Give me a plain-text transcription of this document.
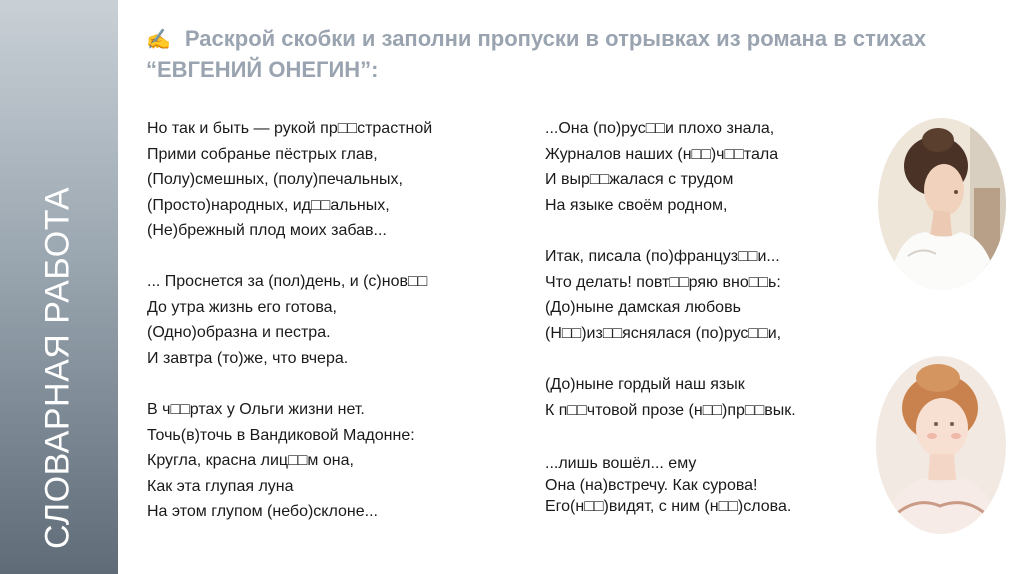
СЛОВАРНАЯ РАБОТА
✍ Раскрой скобки и заполни пропуски в отрывках из романа в стихах “ЕВГЕНИЙ ОНЕГИН”:
Но так и быть — рукой пр□□страстной
Прими собранье пёстрых глав,
(Полу)смешных, (полу)печальных,
(Просто)народных, ид□□альных,
(Не)брежный плод моих забав...
... Проснется за (пол)день, и (с)нов□□
До утра жизнь его готова,
(Одно)образна и пестра.
И завтра (то)же, что вчера.
В ч□□ртах у Ольги жизни нет.
Точь(в)точь в Вандиковой Мадонне:
Кругла, красна лиц□□м она,
Как эта глупая луна
На этом глупом (небо)склоне...
...Она (по)рус□□и плохо знала,
Журналов наших (н□□)ч□□тала
И выр□□жалася с трудом
На языке своём родном,
Итак, писала (по)француз□□и...
Что делать! повт□□ряю вно□□ь:
(До)ныне дамская любовь
(Н□□)из□□яснялася (по)рус□□и,
(До)ныне гордый наш язык
К п□□чтовой прозе (н□□)пр□□вык.
...лишь вошёл... ему
Она (на)встречу. Как сурова!
Его(н□□)видят, с ним (н□□)слова.
